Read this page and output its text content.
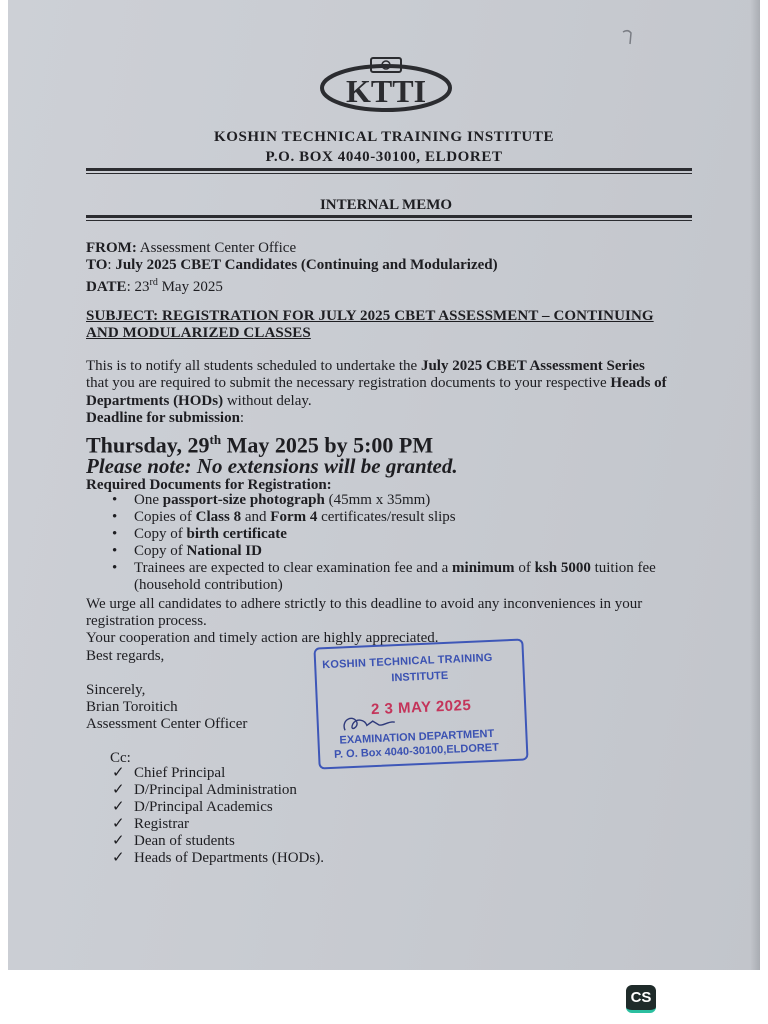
KTTI
KOSHIN TECHNICAL TRAINING INSTITUTE
P.O. BOX 4040-30100, ELDORET
INTERNAL MEMO
FROM: Assessment Center Office
TO: July 2025 CBET Candidates (Continuing and Modularized)
DATE: 23rd May 2025
SUBJECT: REGISTRATION FOR JULY 2025 CBET ASSESSMENT – CONTINUING
AND MODULARIZED CLASSES
This is to notify all students scheduled to undertake the July 2025 CBET Assessment Series
that you are required to submit the necessary registration documents to your respective Heads of
Departments (HODs) without delay.
Deadline for submission:
Thursday, 29th May 2025 by 5:00 PM
Please note: No extensions will be granted.
Required Documents for Registration:
• One passport-size photograph (45mm x 35mm)
• Copies of Class 8 and Form 4 certificates/result slips
• Copy of birth certificate
• Copy of National ID
• Trainees are expected to clear examination fee and a minimum of ksh 5000 tuition fee
(household contribution)
We urge all candidates to adhere strictly to this deadline to avoid any inconveniences in your
registration process.
Your cooperation and timely action are highly appreciated.
Best regards,
Sincerely,
Brian Toroitich
Assessment Center Officer
Cc:
✓ Chief Principal
✓ D/Principal Administration
✓ D/Principal Academics
✓ Registrar
✓ Dean of students
✓ Heads of Departments (HODs).
KOSHIN TECHNICAL TRAINING
INSTITUTE
2 3 MAY 2025
EXAMINATION DEPARTMENT
P. O. Box 4040-30100,ELDORET
CS
